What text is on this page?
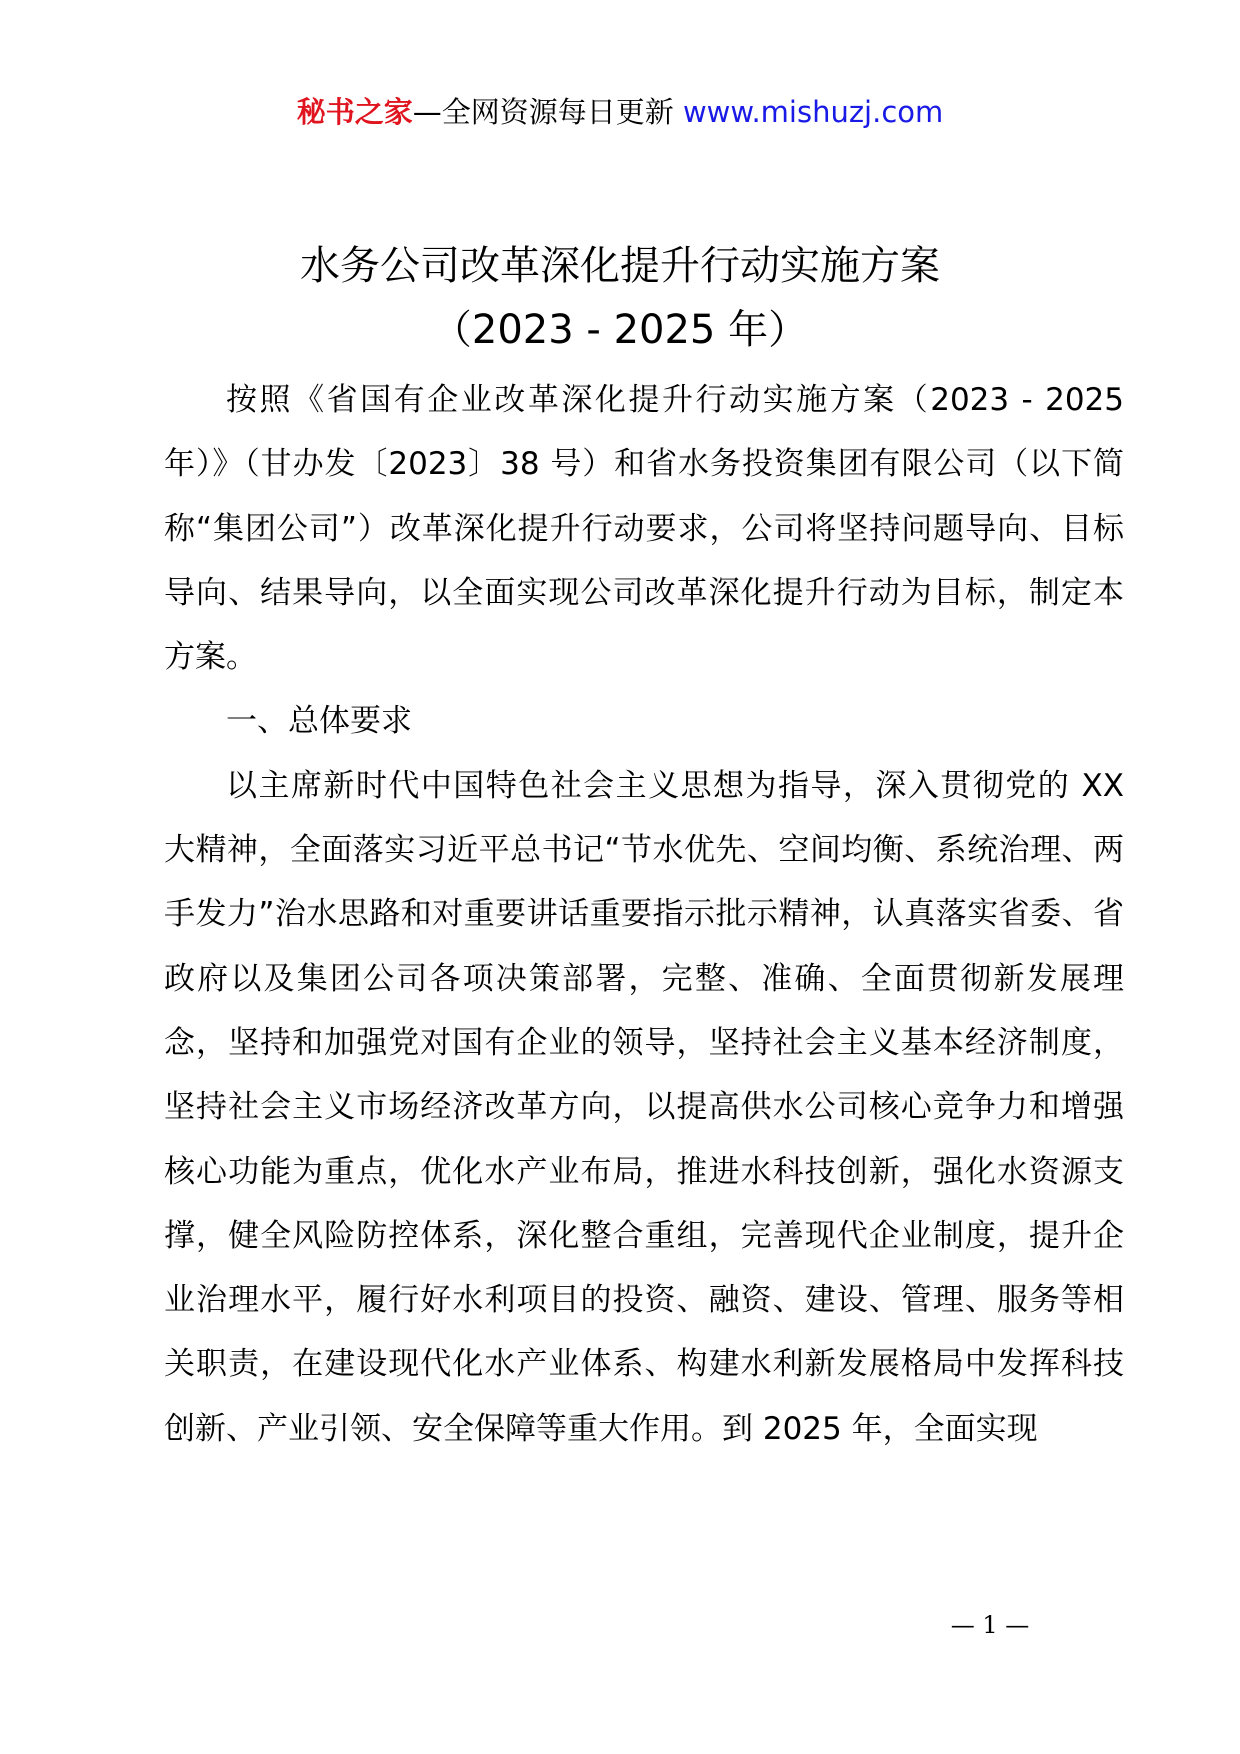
秘书之家—全网资源每日更新 www.mishuzj.com
水务公司改革深化提升行动实施方案
（2023 - 2025 年）

按照《省国有企业改革深化提升行动实施方案（2023 - 2025 年）》（甘办发〔2023〕38 号）和省水务投资集团有限公司（以下简称“集团公司”）改革深化提升行动要求，公司将坚持问题导向、目标导向、结果导向，以全面实现公司改革深化提升行动为目标，制定本方案。

一、总体要求

以主席新时代中国特色社会主义思想为指导，深入贯彻党的 XX 大精神，全面落实习近平总书记“节水优先、空间均衡、系统治理、两手发力”治水思路和对重要讲话重要指示批示精神，认真落实省委、省政府以及集团公司各项决策部署，完整、准确、全面贯彻新发展理念，坚持和加强党对国有企业的领导，坚持社会主义基本经济制度，坚持社会主义市场经济改革方向，以提高供水公司核心竞争力和增强核心功能为重点，优化水产业布局，推进水科技创新，强化水资源支撑，健全风险防控体系，深化整合重组，完善现代企业制度，提升企业治理水平，履行好水利项目的投资、融资、建设、管理、服务等相关职责，在建设现代化水产业体系、构建水利新发展格局中发挥科技创新、产业引领、安全保障等重大作用。到 2025 年，全面实现

— 1 —
